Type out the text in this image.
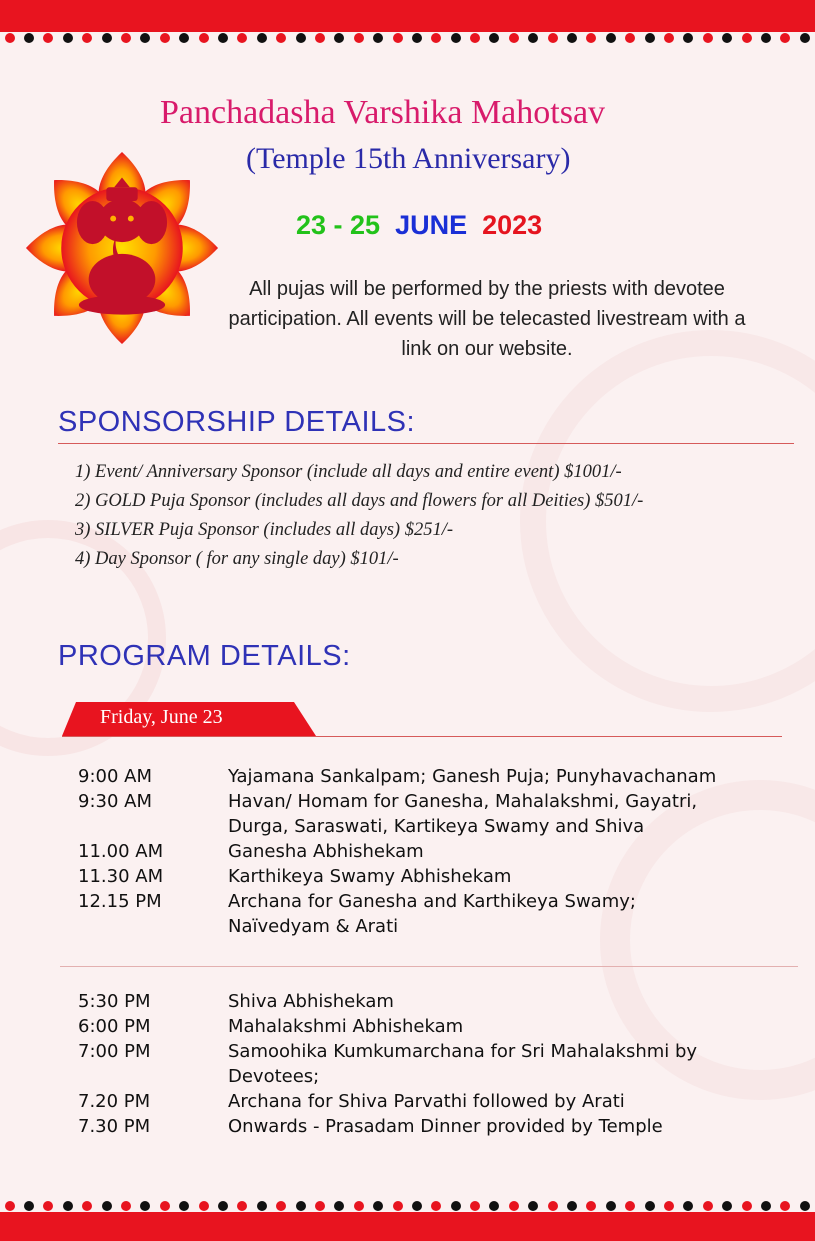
Panchadasha Varshika Mahotsav
(Temple 15th Anniversary)
23 - 25 JUNE 2023
All pujas will be performed by the priests with devotee participation. All events will be telecasted livestream with a link on our website.
SPONSORSHIP DETAILS:
1) Event/ Anniversary Sponsor (include all days and entire event) $1001/-
2) GOLD Puja Sponsor (includes all days and flowers for all Deities) $501/-
3) SILVER Puja Sponsor (includes all days) $251/-
4) Day Sponsor ( for any single day) $101/-
PROGRAM DETAILS:
Friday, June 23
9:00 AM	Yajamana Sankalpam; Ganesh Puja; Punyhavachanam
9:30 AM	Havan/ Homam for Ganesha, Mahalakshmi, Gayatri,
Durga, Saraswati, Kartikeya Swamy and Shiva
11.00 AM	Ganesha Abhishekam
11.30 AM	Karthikeya Swamy Abhishekam
12.15 PM	Archana for Ganesha and Karthikeya Swamy;
Naïvedyam & Arati
5:30 PM	Shiva Abhishekam
6:00 PM	Mahalakshmi Abhishekam
7:00 PM	Samoohika Kumkumarchana for Sri Mahalakshmi by
Devotees;
7.20 PM	Archana for Shiva Parvathi followed by Arati
7.30 PM	Onwards - Prasadam Dinner provided by Temple
